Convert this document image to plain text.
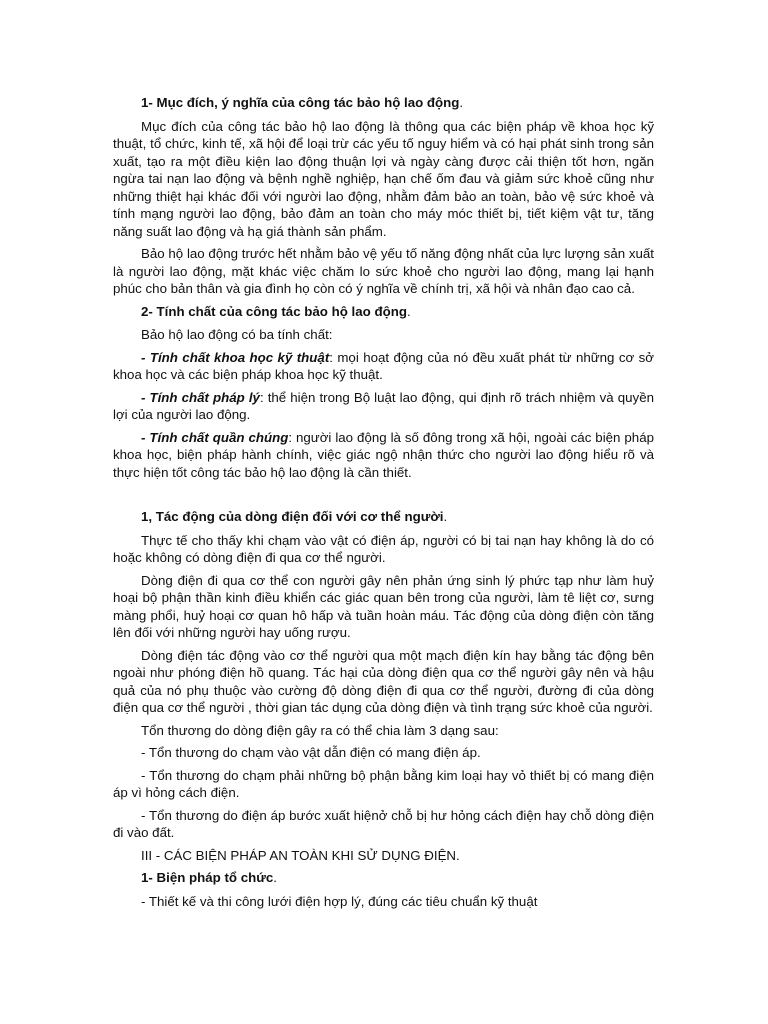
1- Mục đích, ý nghĩa của công tác bảo hộ lao động.

Mục đích của công tác bảo hộ lao động là thông qua các biện pháp về khoa học kỹ thuật, tổ chức, kinh tế, xã hội để loại trừ các yếu tố nguy hiểm và có hại phát sinh trong sản xuất, tạo ra một điều kiện lao động thuận lợi và ngày càng được cải thiện tốt hơn, ngăn ngừa tai nạn lao động và bệnh nghề nghiệp, hạn chế ốm đau và giảm sức khoẻ cũng như những thiệt hại khác đối với người lao động, nhằm đảm bảo an toàn, bảo vệ sức khoẻ và tính mạng người lao động, bảo đảm an toàn cho máy móc thiết bị, tiết kiệm vật tư, tăng năng suất lao động và hạ giá thành sản phẩm.

Bảo hộ lao động trước hết nhằm bảo vệ yếu tố năng động nhất của lực lượng sản xuất là người lao động, mặt khác việc chăm lo sức khoẻ cho người lao động, mang lại hạnh phúc cho bản thân và gia đình họ còn có ý nghĩa về chính trị, xã hội và nhân đạo cao cả.

2- Tính chất của công tác bảo hộ lao động.

Bảo hộ lao động có ba tính chất:

- Tính chất khoa học kỹ thuật: mọi hoạt động của nó đều xuất phát từ những cơ sở khoa học và các biện pháp khoa học kỹ thuật.

- Tính chất pháp lý: thể hiện trong Bộ luật lao động, qui định rõ trách nhiệm và quyền lợi của người lao động.

- Tính chất quần chúng: người lao động là số đông trong xã hội, ngoài các biện pháp khoa học, biện pháp hành chính, việc giác ngộ nhận thức cho người lao động hiểu rõ và thực hiện tốt công tác bảo hộ lao động là cần thiết.

1, Tác động của dòng điện đối với cơ thể người.

Thực tế cho thấy khi chạm vào vật có điện áp, người có bị tai nạn hay không là do có hoặc không có dòng điện đi qua cơ thể người.

Dòng điện đi qua cơ thể con người gây nên phản ứng sinh lý phức tạp như làm huỷ hoại bộ phận thần kinh điều khiển các giác quan bên trong của người, làm tê liệt cơ, sưng màng phổi, huỷ hoại cơ quan hô hấp và tuần hoàn máu. Tác động của dòng điện còn tăng lên đối với những người hay uống rượu.

Dòng điện tác động vào cơ thể người qua một mạch điện kín hay bằng tác động bên ngoài như phóng điện hồ quang. Tác hại của dòng điện qua cơ thể người gây nên và hậu quả của nó phụ thuộc vào cường độ dòng điện đi qua cơ thể người, đường đi của dòng điện qua cơ thể người , thời gian tác dụng của dòng điện và tình trạng sức khoẻ của người.

Tổn thương do dòng điện gây ra có thể chia làm 3 dạng sau:

- Tổn thương do chạm vào vật dẫn điện có mang điện áp.

- Tổn thương do chạm phải những bộ phận bằng kim loại hay vỏ thiết bị có mang điện áp vì hỏng cách điện.

- Tổn thương do điện áp bước xuất hiệnở chỗ bị hư hỏng cách điện hay chỗ dòng điện đi vào đất.

III - CÁC BIỆN PHÁP AN TOÀN KHI SỬ DỤNG ĐIỆN.

1- Biện pháp tổ chức.

- Thiết kế và thi công lưới điện hợp lý, đúng các tiêu chuẩn kỹ thuật
